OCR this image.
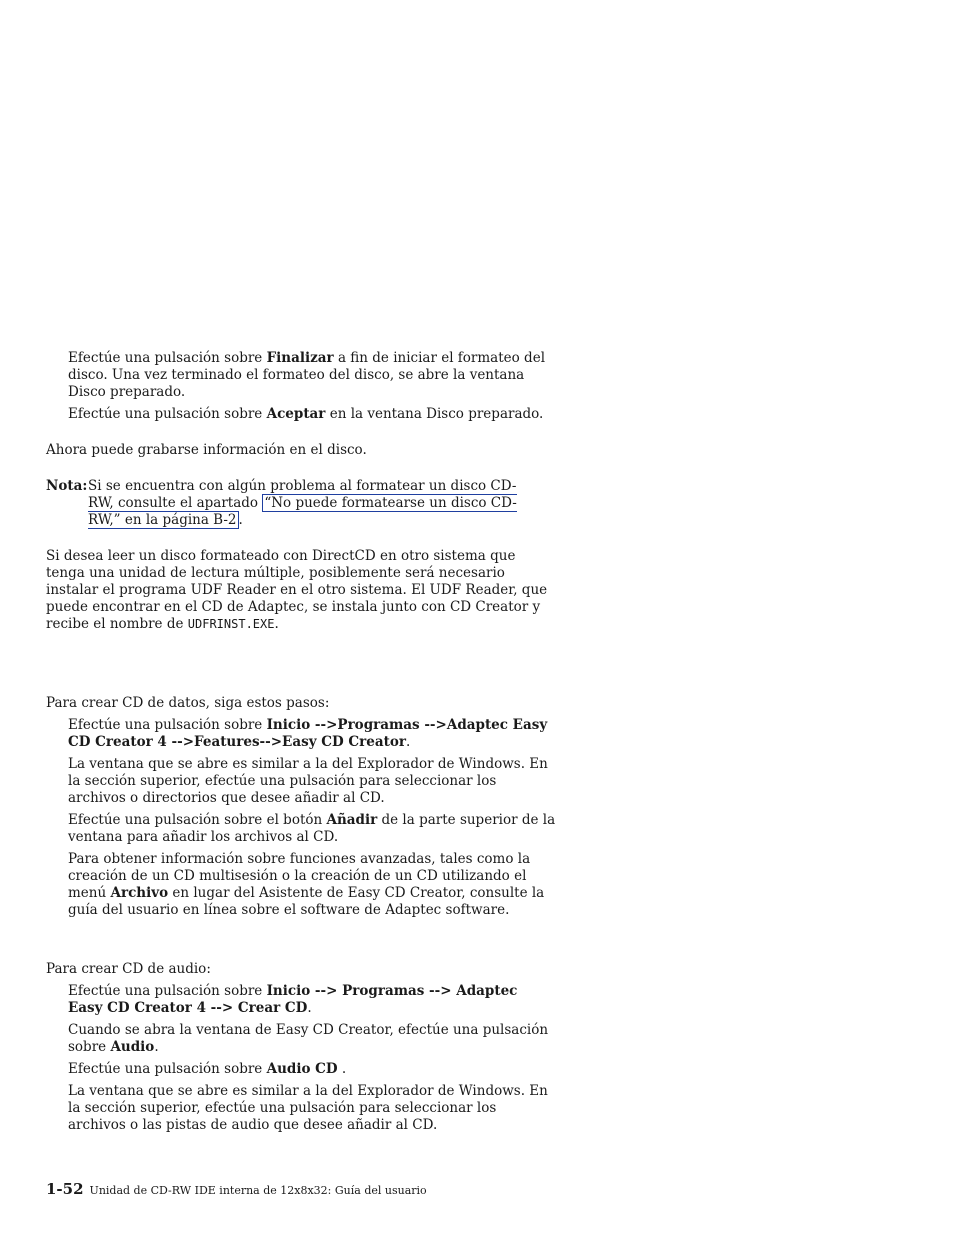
Efectúe una pulsación sobre Finalizar a fin de iniciar el formateo del disco. Una vez terminado el formateo del disco, se abre la ventana Disco preparado.

Efectúe una pulsación sobre Aceptar en la ventana Disco preparado.

Ahora puede grabarse información en el disco.

Nota: Si se encuentra con algún problema al formatear un disco CD-RW, consulte el apartado “No puede formatearse un disco CD-RW,” en la página B-2 .

Si desea leer un disco formateado con DirectCD en otro sistema que tenga una unidad de lectura múltiple, posiblemente será necesario instalar el programa UDF Reader en el otro sistema. El UDF Reader, que puede encontrar en el CD de Adaptec, se instala junto con CD Creator y recibe el nombre de UDFRINST.EXE.

Para crear CD de datos, siga estos pasos:

Efectúe una pulsación sobre Inicio -->Programas -->Adaptec Easy CD Creator 4 -->Features-->Easy CD Creator.

La ventana que se abre es similar a la del Explorador de Windows. En la sección superior, efectúe una pulsación para seleccionar los archivos o directorios que desee añadir al CD.

Efectúe una pulsación sobre el botón Añadir de la parte superior de la ventana para añadir los archivos al CD.

Para obtener información sobre funciones avanzadas, tales como la creación de un CD multisesión o la creación de un CD utilizando el menú Archivo en lugar del Asistente de Easy CD Creator, consulte la guía del usuario en línea sobre el software de Adaptec software.

Para crear CD de audio:

Efectúe una pulsación sobre Inicio --> Programas --> Adaptec Easy CD Creator 4 --> Crear CD.

Cuando se abra la ventana de Easy CD Creator, efectúe una pulsación sobre Audio.

Efectúe una pulsación sobre Audio CD .

La ventana que se abre es similar a la del Explorador de Windows. En la sección superior, efectúe una pulsación para seleccionar los archivos o las pistas de audio que desee añadir al CD.

1-52 Unidad de CD-RW IDE interna de 12x8x32: Guía del usuario
